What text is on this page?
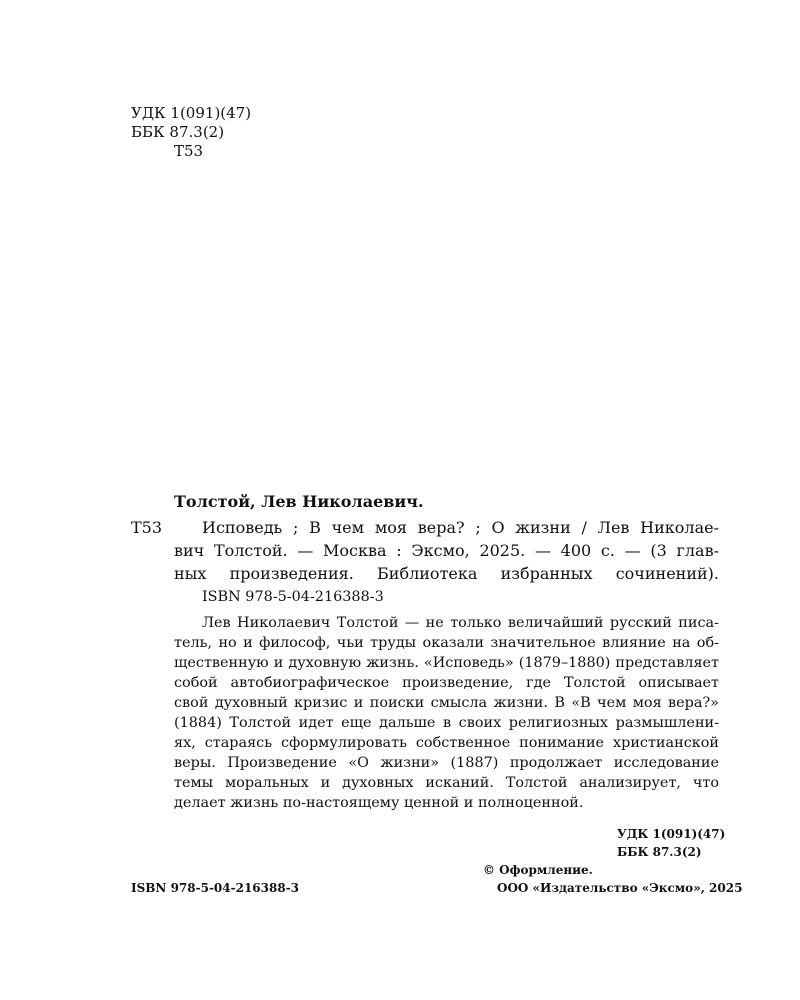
УДК 1(091)(47)
ББК 87.3(2)
Т53
Толстой, Лев Николаевич.
Т53	Исповедь ; В чем моя вера? ; О жизни / Лев Николае-
вич Толстой. — Москва : Эксмо, 2025. — 400 с. — (3 глав-
ных произведения. Библиотека избранных сочинений).
ISBN 978-5-04-216388-3
Лев Николаевич Толстой — не только величайший русский писа-
тель, но и философ, чьи труды оказали значительное влияние на об-
щественную и духовную жизнь. «Исповедь» (1879–1880) представляет
собой автобиографическое произведение, где Толстой описывает
свой духовный кризис и поиски смысла жизни. В «В чем моя вера?»
(1884) Толстой идет еще дальше в своих религиозных размышлени-
ях, стараясь сформулировать собственное понимание христианской
веры. Произведение «О жизни» (1887) продолжает исследование
темы моральных и духовных исканий. Толстой анализирует, что
делает жизнь по-настоящему ценной и полноценной.
УДК 1(091)(47)
ББК 87.3(2)
ISBN 978-5-04-216388-3
© Оформление.
ООО «Издательство «Эксмо», 2025
